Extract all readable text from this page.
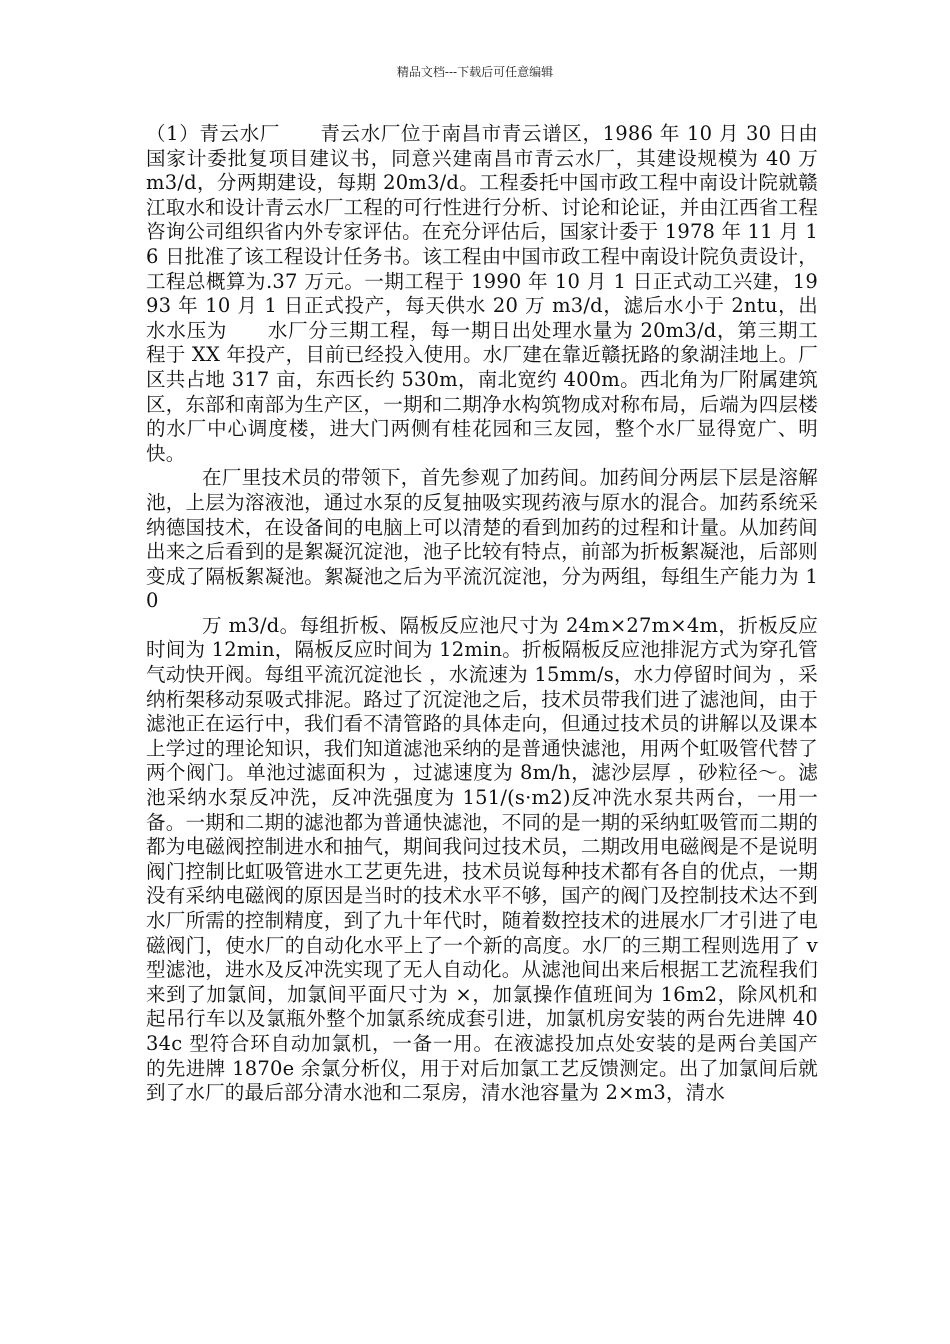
精品文档---下载后可任意编辑

（1）青云水厂　　青云水厂位于南昌市青云谱区，1986 年 10 月 30 日由国家计委批复项目建议书，同意兴建南昌市青云水厂，其建设规模为 40 万 m3/d，分两期建设，每期 20m3/d。工程委托中国市政工程中南设计院就赣江取水和设计青云水厂工程的可行性进行分析、讨论和论证，并由江西省工程咨询公司组织省内外专家评估。在充分评估后，国家计委于 1978 年 11 月 16 日批准了该工程设计任务书。该工程由中国市政工程中南设计院负责设计，工程总概算为.37 万元。一期工程于 1990 年 10 月 1 日正式动工兴建，1993 年 10 月 1 日正式投产，每天供水 20 万 m3/d，滤后水小于 2ntu，出水水压为　　水厂分三期工程，每一期日出处理水量为 20m3/d，第三期工程于 XX 年投产，目前已经投入使用。水厂建在靠近赣抚路的象湖洼地上。厂区共占地 317 亩，东西长约 530m，南北宽约 400m。西北角为厂附属建筑区，东部和南部为生产区，一期和二期净水构筑物成对称布局，后端为四层楼的水厂中心调度楼，进大门两侧有桂花园和三友园，整个水厂显得宽广、明快。

在厂里技术员的带领下，首先参观了加药间。加药间分两层下层是溶解池，上层为溶液池，通过水泵的反复抽吸实现药液与原水的混合。加药系统采纳德国技术，在设备间的电脑上可以清楚的看到加药的过程和计量。从加药间出来之后看到的是絮凝沉淀池，池子比较有特点，前部为折板絮凝池，后部则变成了隔板絮凝池。絮凝池之后为平流沉淀池，分为两组，每组生产能力为 10

万 m3/d。每组折板、隔板反应池尺寸为 24m×27m×4m，折板反应时间为 12min，隔板反应时间为 12min。折板隔板反应池排泥方式为穿孔管气动快开阀。每组平流沉淀池长 ，水流速为 15mm/s，水力停留时间为 ，采纳桁架移动泵吸式排泥。路过了沉淀池之后，技术员带我们进了滤池间，由于滤池正在运行中，我们看不清管路的具体走向，但通过技术员的讲解以及课本上学过的理论知识，我们知道滤池采纳的是普通快滤池，用两个虹吸管代替了两个阀门。单池过滤面积为 ，过滤速度为 8m/h，滤沙层厚 ，砂粒径～。滤池采纳水泵反冲洗，反冲洗强度为 151/(s·m2)反冲洗水泵共两台，一用一备。一期和二期的滤池都为普通快滤池，不同的是一期的采纳虹吸管而二期的都为电磁阀控制进水和抽气，期间我问过技术员，二期改用电磁阀是不是说明阀门控制比虹吸管进水工艺更先进，技术员说每种技术都有各自的优点，一期没有采纳电磁阀的原因是当时的技术水平不够，国产的阀门及控制技术达不到水厂所需的控制精度，到了九十年代时，随着数控技术的进展水厂才引进了电磁阀门，使水厂的自动化水平上了一个新的高度。水厂的三期工程则选用了 v 型滤池，进水及反冲洗实现了无人自动化。从滤池间出来后根据工艺流程我们来到了加氯间，加氯间平面尺寸为 ×，加氯操作值班间为 16m2，除风机和起吊行车以及氯瓶外整个加氯系统成套引进，加氯机房安装的两台先进牌 4034c 型符合环自动加氯机，一备一用。在液滤投加点处安装的是两台美国产的先进牌 1870e 余氯分析仪，用于对后加氯工艺反馈测定。出了加氯间后就到了水厂的最后部分清水池和二泵房，清水池容量为 2×m3，清水
